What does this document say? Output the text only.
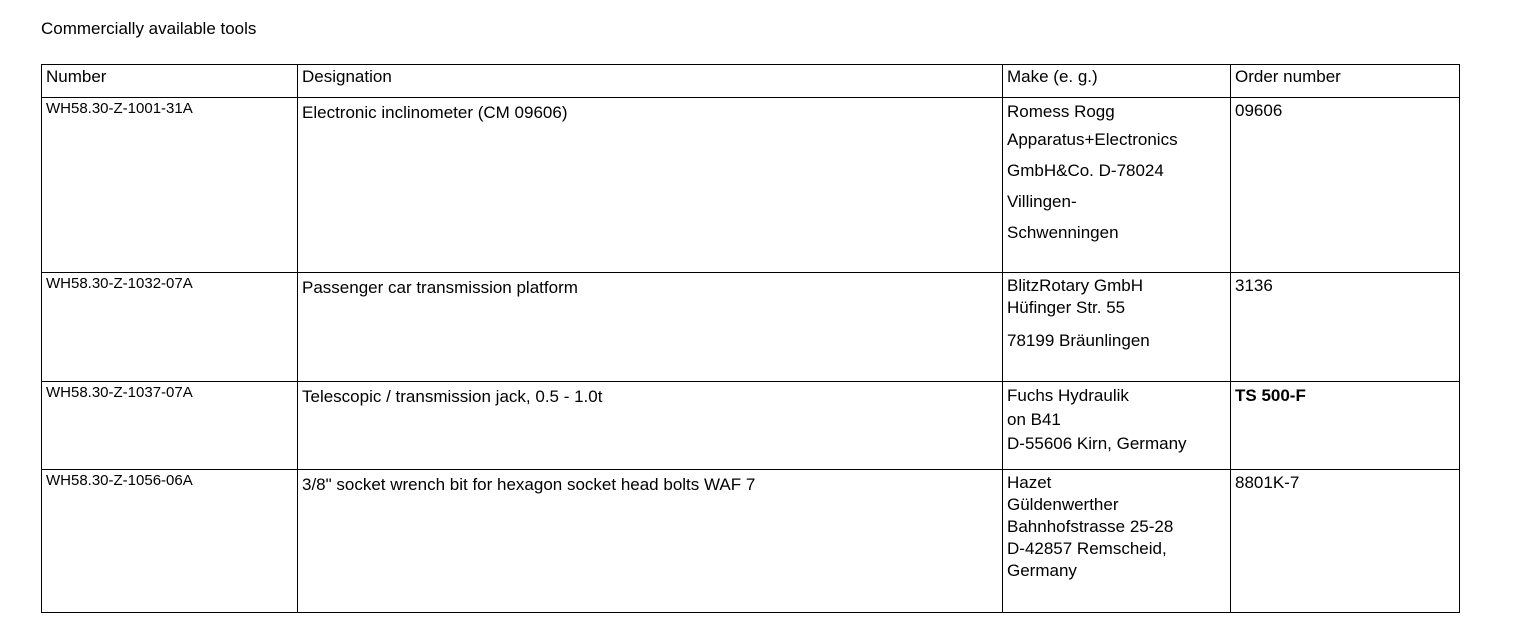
Commercially available tools
Number	Designation	Make (e. g.)	Order number
WH58.30-Z-1001-31A	Electronic inclinometer (CM 09606)	Romess Rogg
Apparatus+Electronics
GmbH&Co. D-78024
Villingen-
Schwenningen	09606

WH58.30-Z-1032-07A	Passenger car transmission platform	BlitzRotary GmbH
Hüfinger Str. 55
78199 Bräunlingen	3136

WH58.30-Z-1037-07A	Telescopic / transmission jack, 0.5 - 1.0t	Fuchs Hydraulik
on B41
D-55606 Kirn, Germany	TS 500-F

WH58.30-Z-1056-06A	3/8" socket wrench bit for hexagon socket head bolts WAF 7	Hazet
Güldenwerther
Bahnhofstrasse 25-28
D-42857 Remscheid,
Germany	8801K-7
